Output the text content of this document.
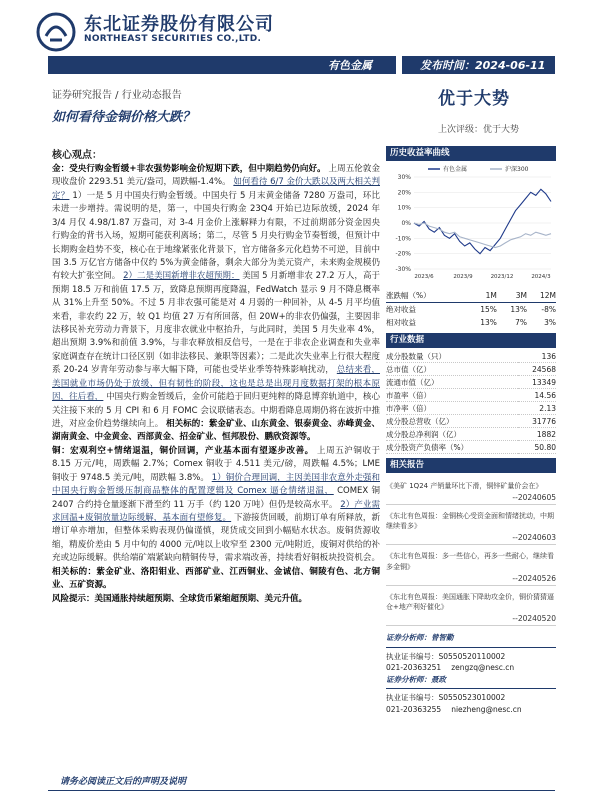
东北证券股份有限公司
NORTHEAST SECURITIES CO.,LTD.
有色金属	发布时间：2024-06-11
证券研究报告 / 行业动态报告	优于大势
如何看待金铜价格大跌？
上次评级：优于大势
核心观点：
金：受央行购金暂缓+非农强势影响金价短期下跌，但中期趋势仍向好。 上周五伦敦金现收盘价 2293.51 美元/盎司，周跌幅-1.4%。 如何看待 6/7 金价大跌以及两大相关判定？ 1）一是 5 月中国央行购金暂缓。中国央行 5 月末黄金储备 7280 万盎司，环比未进一步增持。需说明的是，第一，中国央行购金 23Q4 开始已边际放缓，2024 年 3/4 月仅 4.98/1.87 万盎司，对 3-4 月金价上涨解释力有限，不过前期部分资金因央行购金的背书入场，短期可能获利离场；第二，尽管 5 月央行购金节奏暂缓，但预计中长期购金趋势不变，核心在于地缘紧张化背景下，官方储备多元化趋势不可逆，目前中国 3.5 万亿官方储备中仅约 5%为黄金储备，剩余大部分为美元资产，未来购金规模仍有较大扩张空间。 2）二是美国新增非农超预期： 美国 5 月新增非农 27.2 万人，高于预期 18.5 万和前值 17.5 万，致降息预期再度降温，FedWatch 显示 9 月不降息概率从 31%上升至 50%。不过 5 月非农强可能是对 4 月弱的一种回补，从 4-5 月平均值来看，非农约 22 万，较 Q1 均值 27 万有所回落，但 20W+的非农仍偏强，主要因非法移民补充劳动力背景下，月度非农就业中枢抬升，与此同时，美国 5 月失业率 4%，超出预期 3.9%和前值 3.9%，与非农释放相反信号，一是在于非农企业调查和失业率家庭调查存在统计口径区别（如非法移民、兼职等因素）；二是此次失业率上行很大程度系 20-24 岁青年劳动参与率大幅下降，可能也受毕业季等特殊影响扰动， 总结来看，美国就业市场仍处于放缓、但有韧性的阶段，这也是总是出现月度数据打架的根本原因，往后看， 中国央行购金暂缓后，金价可能趋于回归更纯粹的降息博弈轨道中，核心关注接下来的 5 月 CPI 和 6 月 FOMC 会议联储表态。中期看降息周期仍将在波折中推进，对应金价趋势继续向上。 相关标的：紫金矿业、山东黄金、银泰黄金、赤峰黄金、湖南黄金、中金黄金、西部黄金、招金矿业、恒邦股份、鹏欣资源等。
铜：宏观利空+情绪退温，铜价回调，产业基本面有望逐步改善。 上周五沪铜收于 8.15 万元/吨，周跌幅 2.7%；Comex 铜收于 4.511 美元/磅，周跌幅 4.5%；LME 铜收于 9748.5 美元/吨，周跌幅 3.8%。 1）铜价合理回调，主因美国非农意外走强和中国央行购金暂缓压制商品整体的配置逻辑及 Comex 逼仓情绪退温， COMEX 铜 2407 合约持仓量逐渐下滑至约 11 万手（约 120 万吨）但仍是较高水平。 2）产业需求回温+废铜放量边际缓解，基本面有望修复。 下游接货回暖，前期订单有所释放，新增订单亦增加，但整体采购表现仍偏谨慎，现货成交回到小幅贴水状态。废铜货源收缩，精废价差由 5 月中旬的 4000 元/吨以上收窄至 2300 元/吨附近，废铜对供给的补充或边际缓解。供给端矿端紧缺向精铜传导，需求端改善，持续看好铜板块投资机会。 相关标的：紫金矿业、洛阳钼业、西部矿业、江西铜业、金诚信、铜陵有色、北方铜业、五矿资源。
风险提示：美国通胀持续超预期、全球货币紧缩超预期、美元升值。
历史收益率曲线
30%
20%
10%
0%
-10%
-20%
-30%
2023/6	2023/9	2023/12	2024/3
有色金属	沪深300
涨跌幅（%）	1M	3M	12M
绝对收益	15%	13%	-8%
相对收益	13%	7%	3%
行业数据
成分股数量（只）	136
总市值（亿）	24568
流通市值（亿）	13349
市盈率（倍）	14.56
市净率（倍）	2.13
成分股总营收（亿）	31776
成分股总净利润（亿）	1882
成分股资产负债率（%）	50.80
相关报告
《美矿 1Q24 产销量环比下滑，铜锌矿量价会在》
--20240605
《东北有色周报：金铜核心受资金面和情绪扰动，中期继续看多》
--20240603
《东北有色周报：多一些信心，再多一些耐心，继续看多金铜》
--20240526
《东北有色周报：美国通胀下降助攻金价，铜价猜猜逼仓+地产利好催化》
--20240520
证券分析师：曾智勤
执业证书编号：S0550520110002
021-20363251 zengzq@nesc.cn
证券分析师：聂政
执业证书编号：S0550523010002
021-20363255 niezheng@nesc.cn
请务必阅读正文后的声明及说明
